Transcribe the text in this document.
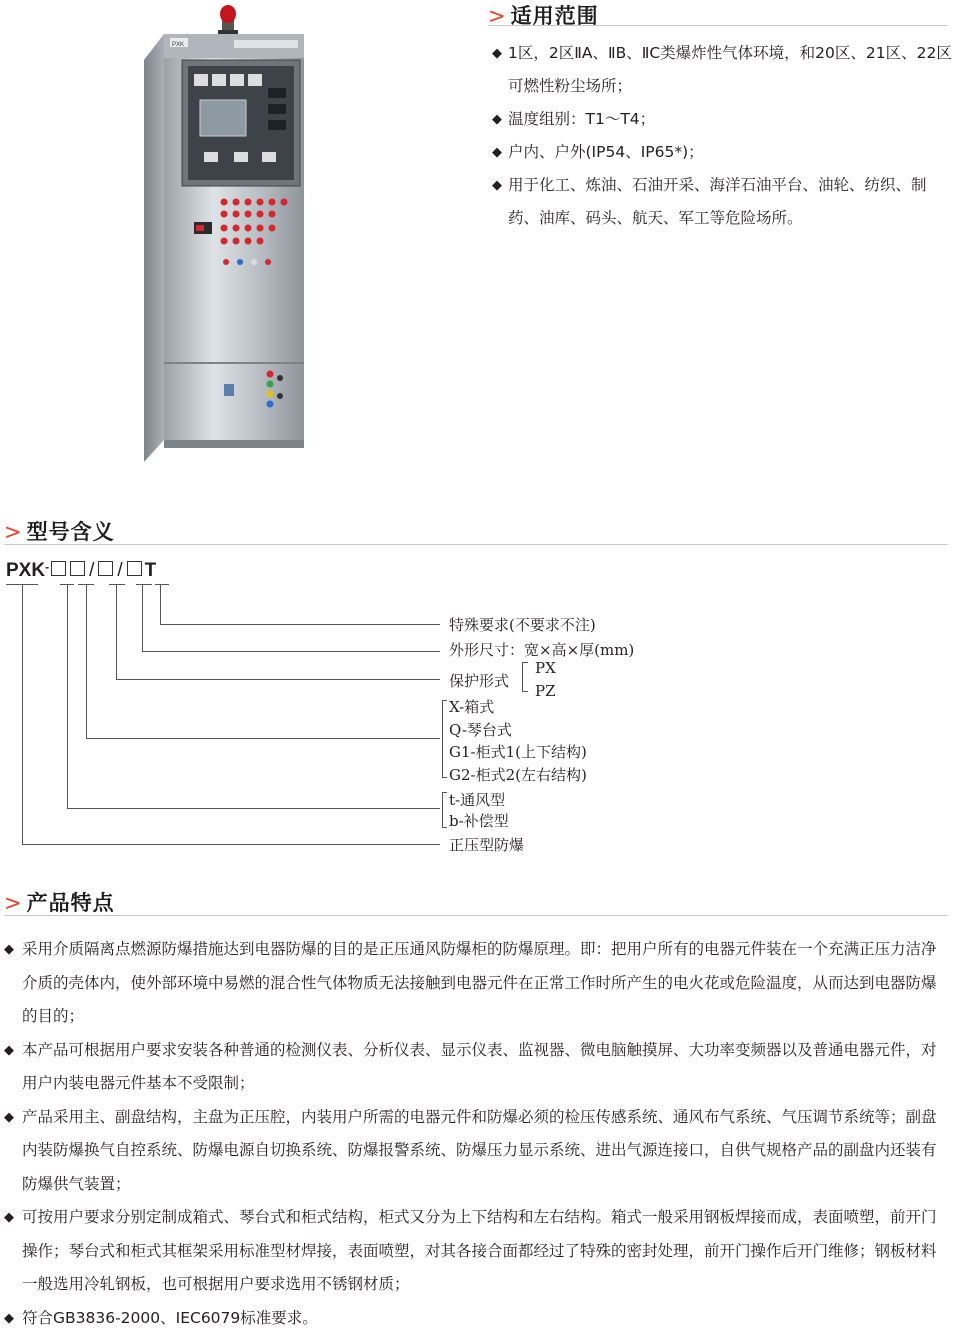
PXK
> 适用范围
◆ 1区，2区ⅡA、ⅡB、ⅡC类爆炸性气体环境，和20区、21区、22区可燃性粉尘场所；
◆ 温度组别：T1～T4；
◆ 户内、户外(IP54、IP65*)；
◆ 用于化工、炼油、石油开采、海洋石油平台、油轮、纺织、制药、油库、码头、航天、军工等危险场所。
> 型号含义
PXK- / / T
特殊要求(不要求不注)
外形尺寸：宽×高×厚(mm)
保护形式
PX
PZ
X-箱式
Q-琴台式
G1-柜式1(上下结构)
G2-柜式2(左右结构)
t-通风型
b-补偿型
正压型防爆
> 产品特点
◆ 采用介质隔离点燃源防爆措施达到电器防爆的目的是正压通风防爆柜的防爆原理。即：把用户所有的电器元件装在一个充满正压力洁净介质的壳体内，使外部环境中易燃的混合性气体物质无法接触到电器元件在正常工作时所产生的电火花或危险温度，从而达到电器防爆的目的；
◆ 本产品可根据用户要求安装各种普通的检测仪表、分析仪表、显示仪表、监视器、微电脑触摸屏、大功率变频器以及普通电器元件，对用户内装电器元件基本不受限制；
◆ 产品采用主、副盘结构，主盘为正压腔，内装用户所需的电器元件和防爆必须的检压传感系统、通风布气系统、气压调节系统等；副盘内装防爆换气自控系统、防爆电源自切换系统、防爆报警系统、防爆压力显示系统、进出气源连接口，自供气规格产品的副盘内还装有防爆供气装置；
◆ 可按用户要求分别定制成箱式、琴台式和柜式结构，柜式又分为上下结构和左右结构。箱式一般采用钢板焊接而成，表面喷塑，前开门操作；琴台式和柜式其框架采用标准型材焊接，表面喷塑，对其各接合面都经过了特殊的密封处理，前开门操作后开门维修；钢板材料一般选用冷轧钢板，也可根据用户要求选用不锈钢材质；
◆ 符合GB3836-2000、IEC6079标准要求。
